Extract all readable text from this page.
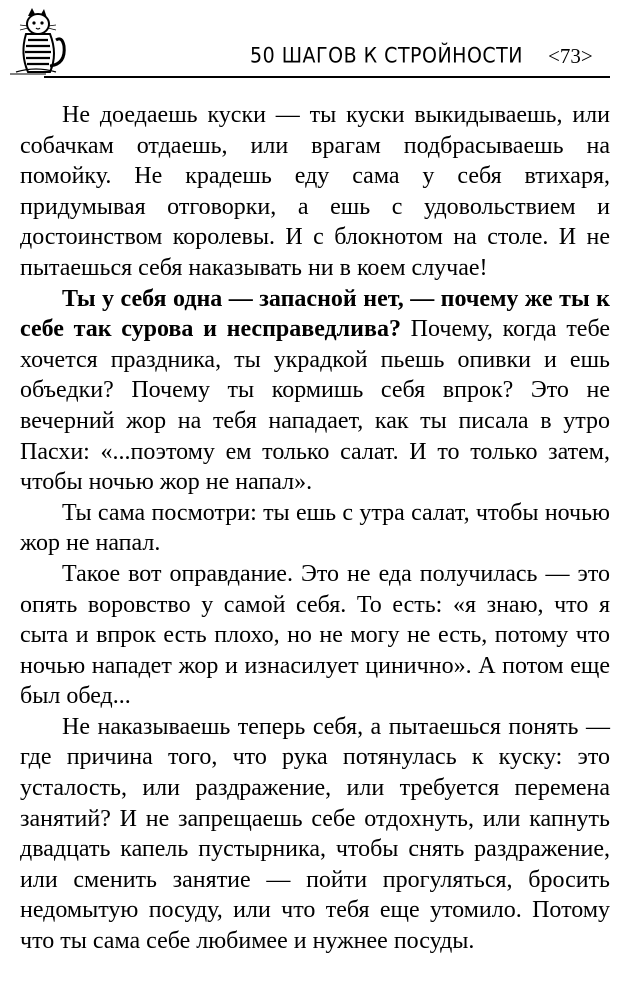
50 ШАГОВ К СТРОЙНОСТИ <73>

Не доедаешь куски — ты куски выкидываешь, или собачкам отдаешь, или врагам подбрасываешь на помойку. Не крадешь еду сама у себя втихаря, придумывая отговорки, а ешь с удовольствием и достоинством королевы. И с блокнотом на столе. И не пытаешься себя наказывать ни в коем случае!

Ты у себя одна — запасной нет, — почему же ты к себе так сурова и несправедлива? Почему, когда тебе хочется праздника, ты украдкой пьешь опивки и ешь объедки? Почему ты кормишь себя впрок? Это не вечерний жор на тебя нападает, как ты писала в утро Пасхи: «...поэтому ем только салат. И то только затем, чтобы ночью жор не напал».

Ты сама посмотри: ты ешь с утра салат, чтобы ночью жор не напал.

Такое вот оправдание. Это не еда получилась — это опять воровство у самой себя. То есть: «я знаю, что я сыта и впрок есть плохо, но не могу не есть, потому что ночью нападет жор и изнасилует цинично». А потом еще был обед...

Не наказываешь теперь себя, а пытаешься понять — где причина того, что рука потянулась к куску: это усталость, или раздражение, или требуется перемена занятий? И не запрещаешь себе отдохнуть, или капнуть двадцать капель пустырника, чтобы снять раздражение, или сменить занятие — пойти прогуляться, бросить недомытую посуду, или что тебя еще утомило. Потому что ты сама себе любимее и нужнее посуды.
